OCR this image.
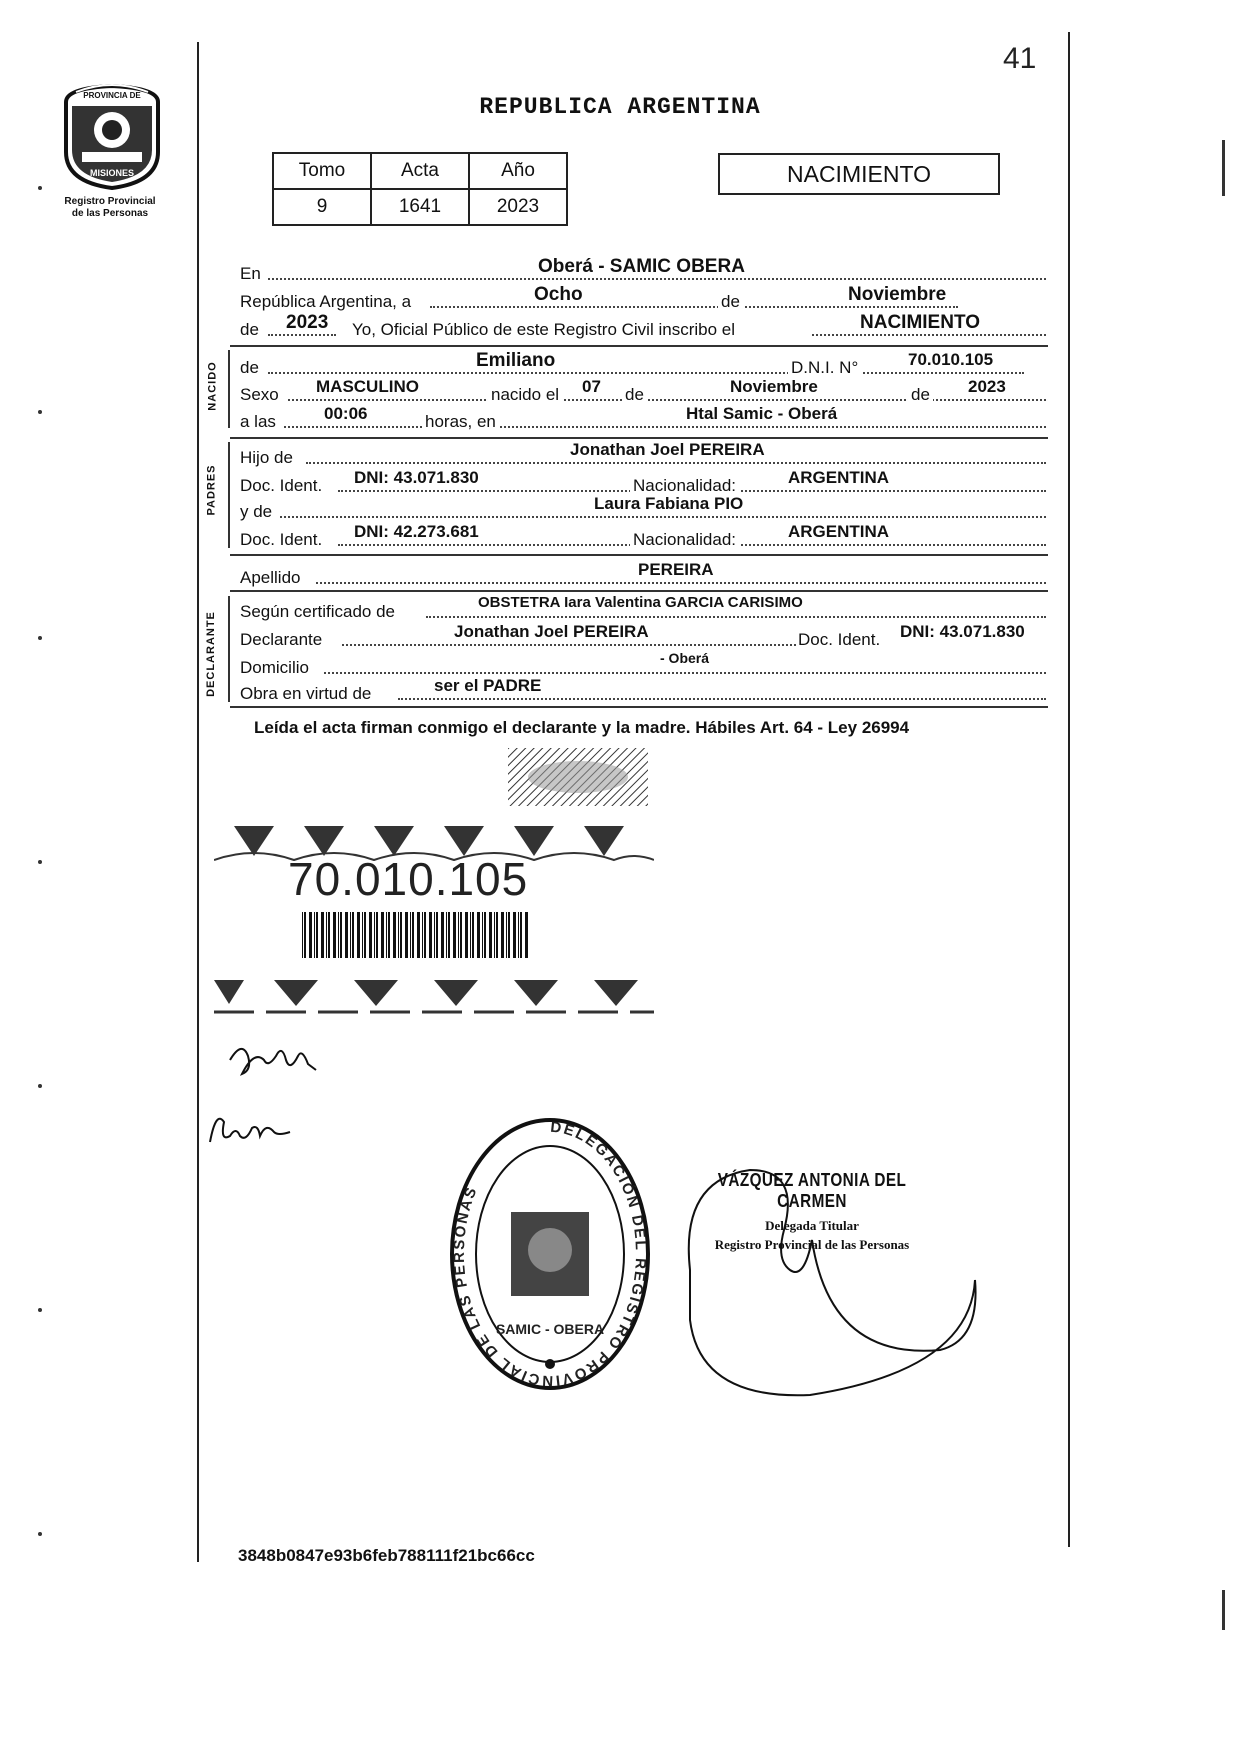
41
PROVINCIA DE
MISIONES
Registro Provincial
de las Personas
REPUBLICA ARGENTINA
Tomo	Acta	Año
9	1641	2023
NACIMIENTO
En	Oberá - SAMIC OBERA
República Argentina, a	Ocho	de	Noviembre
de 2023 Yo, Oficial Público de este Registro Civil inscribo el	NACIMIENTO
NACIDO de	Emiliano	D.N.I. N°	70.010.105
Sexo MASCULINO	nacido el 07 de	Noviembre	de 2023
a las	00:06	horas, en	Htal Samic - Oberá
PADRES
Hijo de	Jonathan Joel PEREIRA
Doc. Ident. DNI: 43.071.830	Nacionalidad:	ARGENTINA
y de	Laura Fabiana PIO
Doc. Ident. DNI: 42.273.681	Nacionalidad:	ARGENTINA
Apellido	PEREIRA
DECLARANTE Según certificado de	OBSTETRA Iara Valentina GARCIA CARISIMO
Declarante	Jonathan Joel PEREIRA	Doc. Ident. DNI: 43.071.830
Domicilio	- Oberá
Obra en virtud de	ser el PADRE
Leída el acta firman conmigo el declarante y la madre. Hábiles Art. 64 - Ley 26994
70.010.105
DELEGACIÓN DEL REGISTRO PROVINCIAL DE LAS PERSONAS
SAMIC - OBERA
VÁZQUEZ ANTONIA DEL CARMEN
Delegada Titular
Registro Provincial de las Personas
3848b0847e93b6feb788111f21bc66cc
